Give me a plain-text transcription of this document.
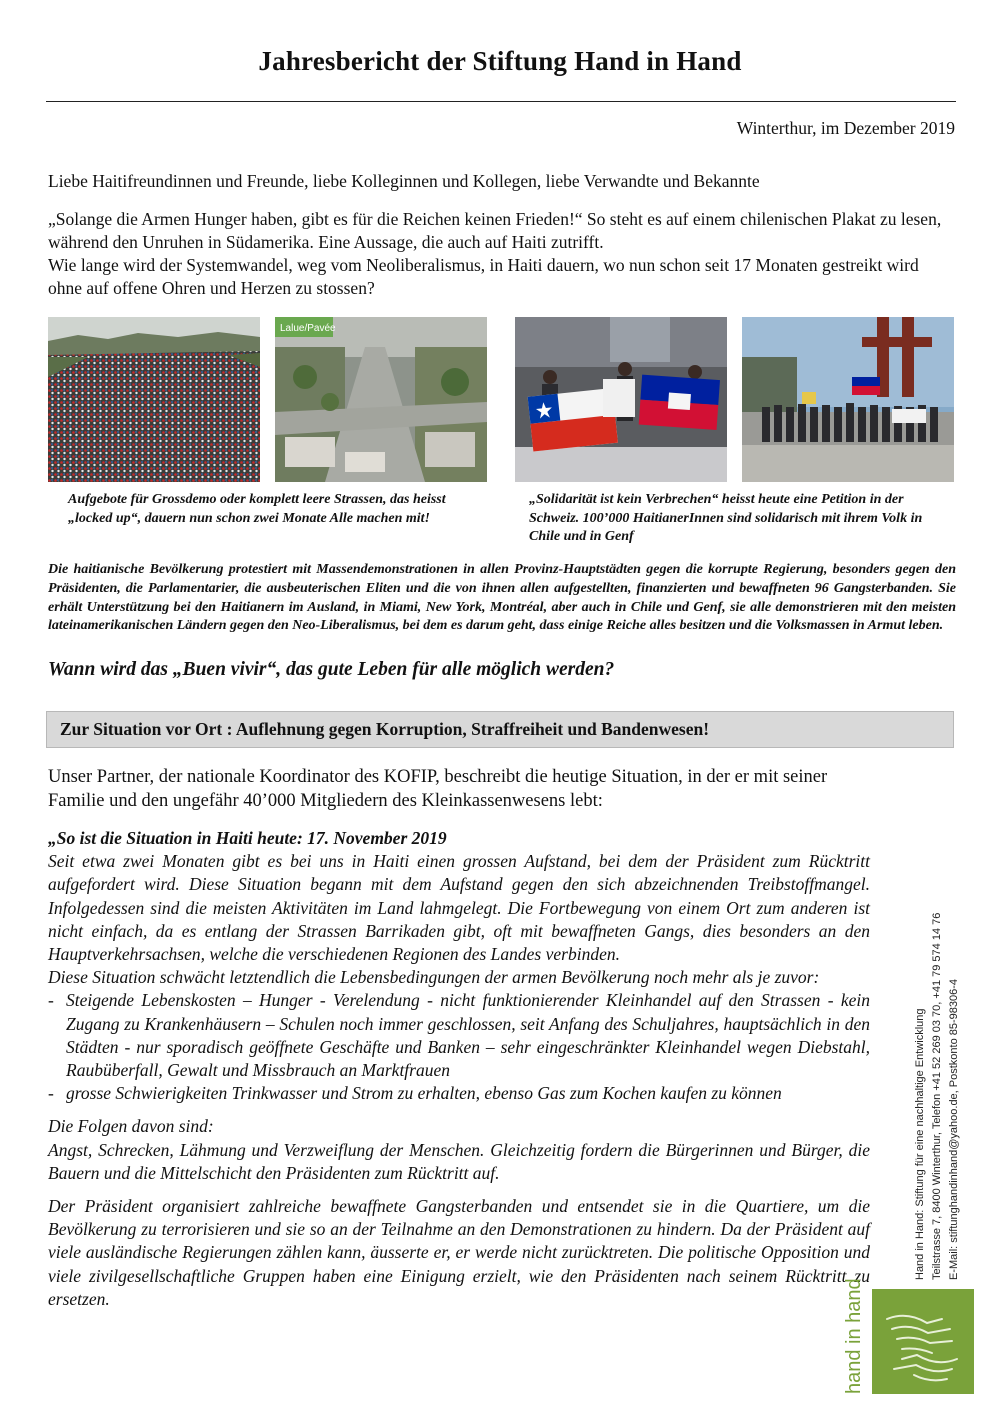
Jahresbericht der Stiftung Hand in Hand
Winterthur, im Dezember 2019
Liebe Haitifreundinnen und Freunde, liebe Kolleginnen und Kollegen, liebe Verwandte und Bekannte
„Solange die Armen Hunger haben, gibt es für die Reichen keinen Frieden!“ So steht es auf einem chilenischen Plakat zu lesen, während den Unruhen in Südamerika. Eine Aussage, die auch auf Haiti zutrifft.
Wie lange wird der Systemwandel, weg vom Neoliberalismus, in Haiti dauern, wo nun schon seit 17 Monaten gestreikt wird ohne auf offene Ohren und Herzen zu stossen?
Lalue/Pavée
Aufgebote für Grossdemo oder komplett leere Strassen, das heisst „locked up“, dauern nun schon zwei Monate Alle machen mit!
„Solidarität ist kein Verbrechen“ heisst heute eine Petition in der Schweiz. 100’000 HaitianerInnen sind solidarisch mit ihrem Volk in Chile und in Genf
Die haitianische Bevölkerung protestiert mit Massendemonstrationen in allen Provinz-Hauptstädten gegen die korrupte Regierung, besonders gegen den Präsidenten, die Parlamentarier, die ausbeuterischen Eliten und die von ihnen allen aufgestellten, finanzierten und bewaffneten 96 Gangsterbanden. Sie erhält Unterstützung bei den Haitianern im Ausland, in Miami, New York, Montréal, aber auch in Chile und Genf, sie alle demonstrieren mit den meisten lateinamerikanischen Ländern gegen den Neo-Liberalismus, bei dem es darum geht, dass einige Reiche alles besitzen und die Volksmassen in Armut leben.
Wann wird das „Buen vivir“, das gute Leben für alle möglich werden?
Zur Situation vor Ort : Auflehnung gegen Korruption, Straffreiheit und Bandenwesen!
Unser Partner, der nationale Koordinator des KOFIP, beschreibt die heutige Situation, in der er mit seiner Familie und den ungefähr 40’000 Mitgliedern des Kleinkassenwesens lebt:
„So ist die Situation in Haiti heute: 17. November 2019
Seit etwa zwei Monaten gibt es bei uns in Haiti einen grossen Aufstand, bei dem der Präsident zum Rücktritt aufgefordert wird. Diese Situation begann mit dem Aufstand gegen den sich abzeichnenden Treibstoffmangel. Infolgedessen sind die meisten Aktivitäten im Land lahmgelegt. Die Fortbewegung von einem Ort zum anderen ist nicht einfach, da es entlang der Strassen Barrikaden gibt, oft mit bewaffneten Gangs, dies besonders an den Hauptverkehrsachsen, welche die verschiedenen Regionen des Landes verbinden.
Diese Situation schwächt letztendlich die Lebensbedingungen der armen Bevölkerung noch mehr als je zuvor:
- Steigende Lebenskosten – Hunger - Verelendung - nicht funktionierender Kleinhandel auf den Strassen - kein Zugang zu Krankenhäusern – Schulen noch immer geschlossen, seit Anfang des Schuljahres, hauptsächlich in den Städten - nur sporadisch geöffnete Geschäfte und Banken – sehr eingeschränkter Kleinhandel wegen Diebstahl, Raubüberfall, Gewalt und Missbrauch an Marktfrauen
- grosse Schwierigkeiten Trinkwasser und Strom zu erhalten, ebenso Gas zum Kochen kaufen zu können
Die Folgen davon sind:
Angst, Schrecken, Lähmung und Verzweiflung der Menschen. Gleichzeitig fordern die Bürgerinnen und Bürger, die Bauern und die Mittelschicht den Präsidenten zum Rücktritt auf.
Der Präsident organisiert zahlreiche bewaffnete Gangsterbanden und entsendet sie in die Quartiere, um die Bevölkerung zu terrorisieren und sie so an der Teilnahme an den Demonstrationen zu hindern. Da der Präsident auf viele ausländische Regierungen zählen kann, äusserte er, er werde nicht zurücktreten. Die politische Opposition und viele zivilgesellschaftliche Gruppen haben eine Einigung erzielt, wie den Präsidenten nach seinem Rücktritt zu ersetzen.
Hand in Hand: Stiftung für eine nachhaltige Entwicklung Teilstrasse 7, 8400 Winterthur, Telefon +41 52 269 03 70, +41 79 574 14 76 E-Mail: stiftunghandinhand@yahoo.de, Postkonto 85-98306-4
hand in hand
